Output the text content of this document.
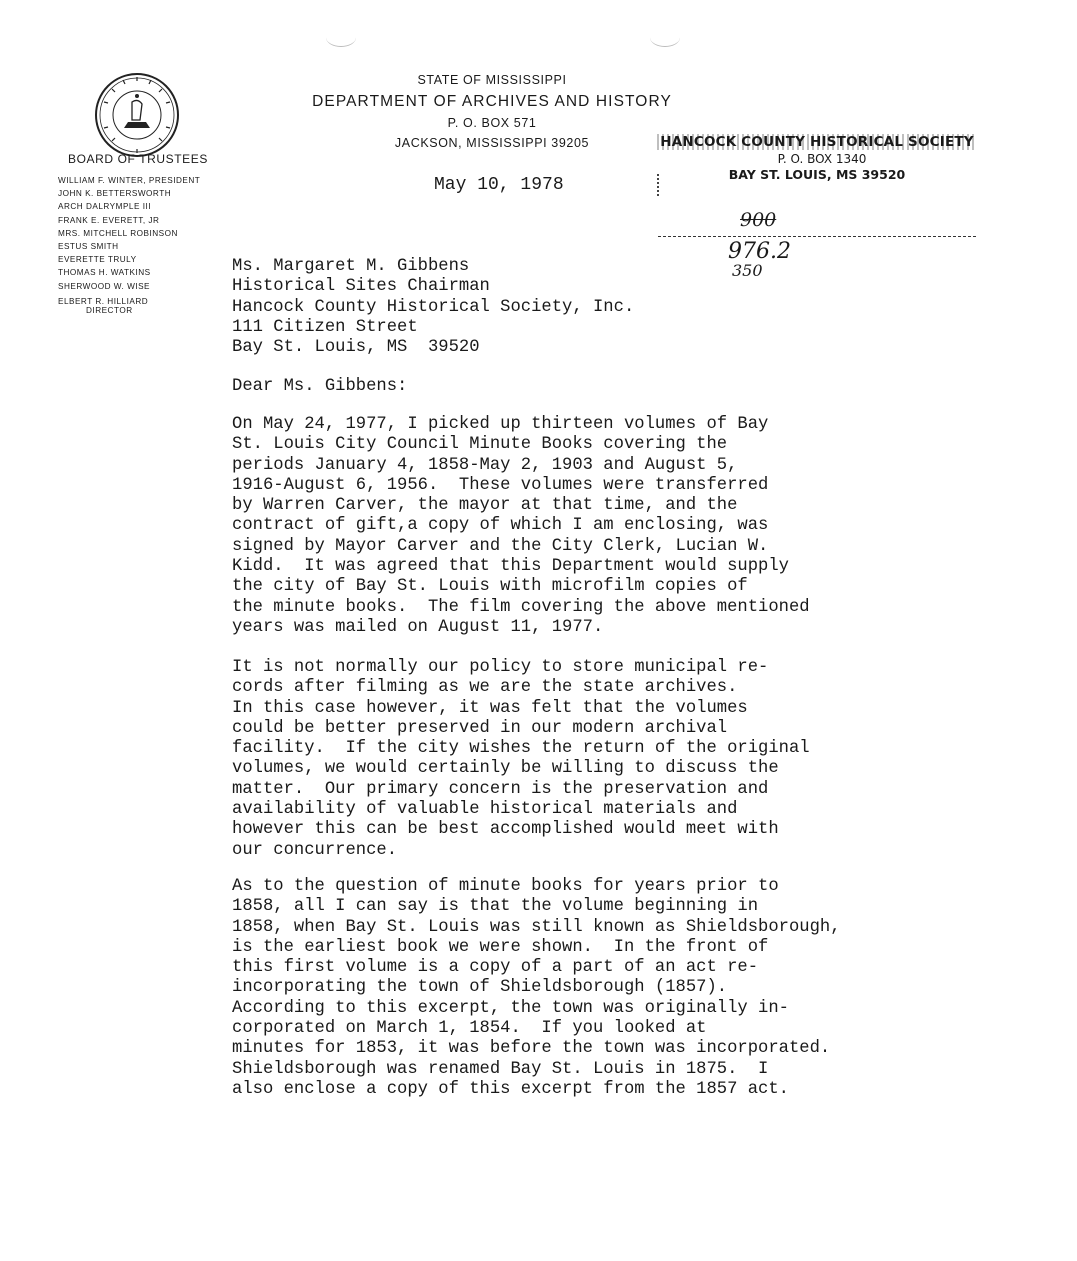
BOARD OF TRUSTEES
WILLIAM F. WINTER, PRESIDENT
JOHN K. BETTERSWORTH
ARCH DALRYMPLE III
FRANK E. EVERETT, JR
MRS. MITCHELL ROBINSON
ESTUS SMITH
EVERETTE TRULY
THOMAS H. WATKINS
SHERWOOD W. WISE
ELBERT R. HILLIARD
DIRECTOR
STATE OF MISSISSIPPI
DEPARTMENT OF ARCHIVES AND HISTORY
P. O. BOX 571
JACKSON, MISSISSIPPI 39205
May 10, 1978
HANCOCK COUNTY HISTORICAL SOCIETY
P. O. BOX 1340
BAY ST. LOUIS, MS 39520
900
976.2
350
Ms. Margaret M. Gibbens
Historical Sites Chairman
Hancock County Historical Society, Inc.
111 Citizen Street
Bay St. Louis, MS  39520
Dear Ms. Gibbens:
On May 24, 1977, I picked up thirteen volumes of Bay
St. Louis City Council Minute Books covering the
periods January 4, 1858-May 2, 1903 and August 5,
1916-August 6, 1956.  These volumes were transferred
by Warren Carver, the mayor at that time, and the
contract of gift,a copy of which I am enclosing, was
signed by Mayor Carver and the City Clerk, Lucian W.
Kidd.  It was agreed that this Department would supply
the city of Bay St. Louis with microfilm copies of
the minute books.  The film covering the above mentioned
years was mailed on August 11, 1977.
It is not normally our policy to store municipal re-
cords after filming as we are the state archives.
In this case however, it was felt that the volumes
could be better preserved in our modern archival
facility.  If the city wishes the return of the original
volumes, we would certainly be willing to discuss the
matter.  Our primary concern is the preservation and
availability of valuable historical materials and
however this can be best accomplished would meet with
our concurrence.
As to the question of minute books for years prior to
1858, all I can say is that the volume beginning in
1858, when Bay St. Louis was still known as Shieldsborough,
is the earliest book we were shown.  In the front of
this first volume is a copy of a part of an act re-
incorporating the town of Shieldsborough (1857).
According to this excerpt, the town was originally in-
corporated on March 1, 1854.  If you looked at
minutes for 1853, it was before the town was incorporated.
Shieldsborough was renamed Bay St. Louis in 1875.  I
also enclose a copy of this excerpt from the 1857 act.
